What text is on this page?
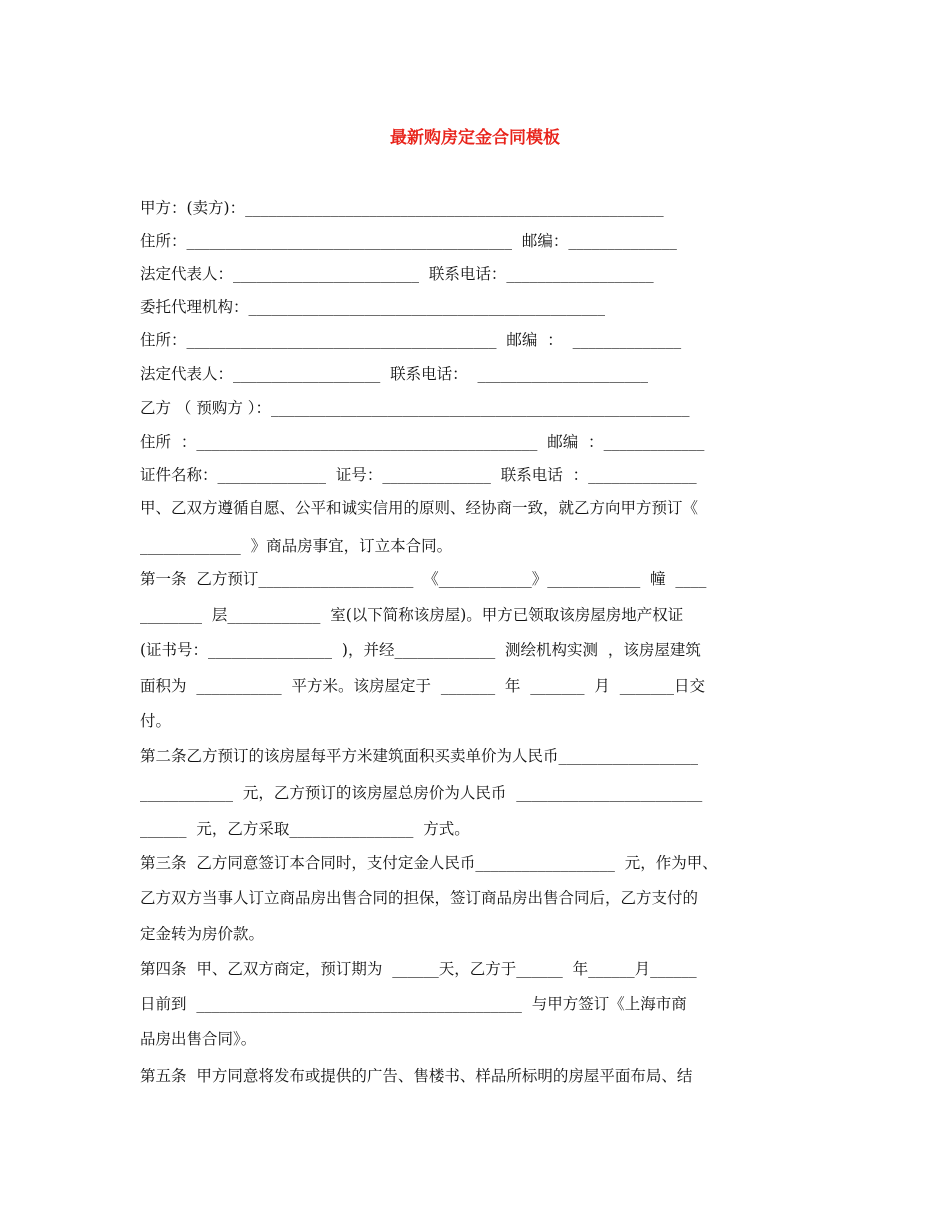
最新购房定金合同模板
甲方：(卖方)：______________________________________________________
住所：__________________________________________  邮编：______________
法定代表人：________________________  联系电话：___________________
委托代理机构：______________________________________________
住所：________________________________________  邮编  ：  ______________
法定代表人：___________________  联系电话：  ______________________
乙方 （ 预购方 ）：______________________________________________________
住所  ：____________________________________________  邮编  ：_____________
证件名称：______________  证号：______________  联系电话  ：______________
甲、乙双方遵循自愿、公平和诚实信用的原则、经协商一致，就乙方向甲方预订《
_____________  》商品房事宜，订立本合同。
第一条  乙方预订____________________  《____________》____________  幢  ____
________  层____________  室(以下简称该房屋)。甲方已领取该房屋房地产权证
(证书号：________________  )，并经_____________  测绘机构实测  ，该房屋建筑
面积为  ___________  平方米。该房屋定于  _______  年  _______  月  _______日交
付。
第二条乙方预订的该房屋每平方米建筑面积买卖单价为人民币__________________
____________  元，乙方预订的该房屋总房价为人民币  ________________________
______  元，乙方采取________________  方式。
第三条  乙方同意签订本合同时，支付定金人民币__________________  元，作为甲、
乙方双方当事人订立商品房出售合同的担保，签订商品房出售合同后，乙方支付的
定金转为房价款。
第四条  甲、乙双方商定，预订期为  ______天，乙方于______  年______月______
日前到  __________________________________________  与甲方签订《上海市商
品房出售合同》。
第五条  甲方同意将发布或提供的广告、售楼书、样品所标明的房屋平面布局、结
